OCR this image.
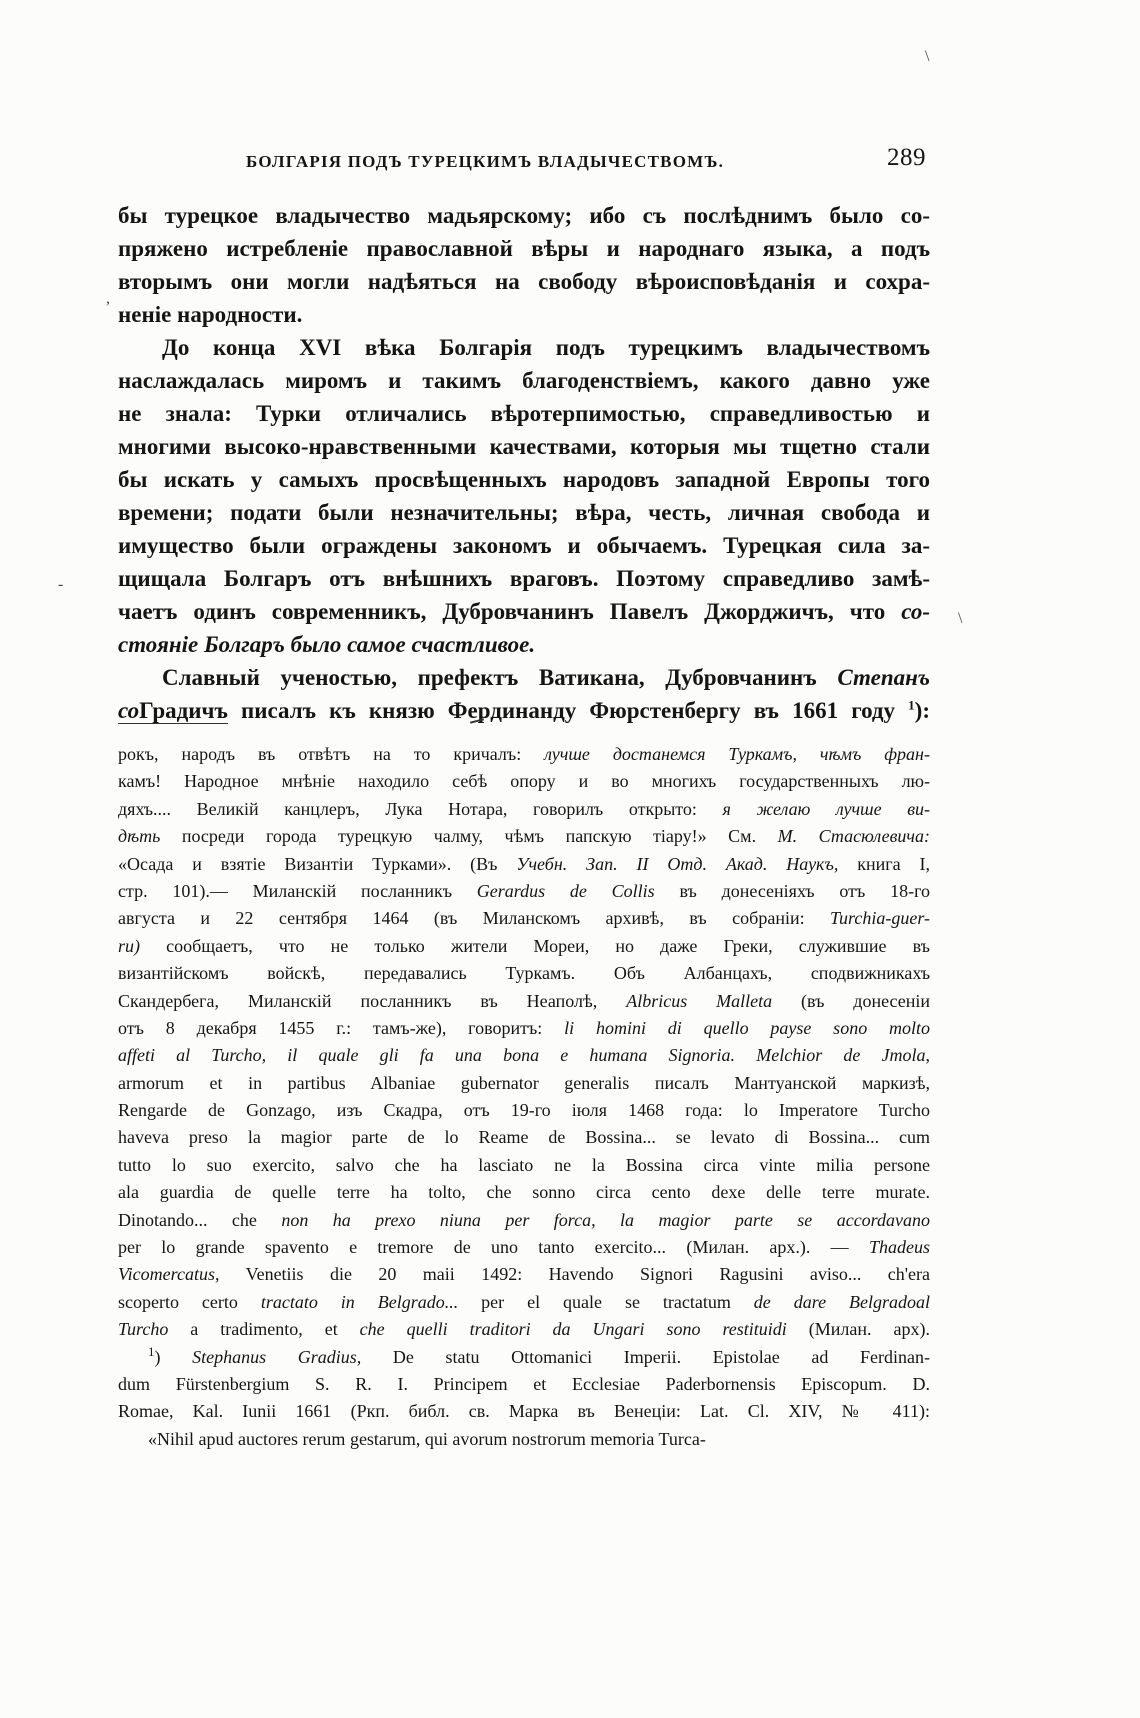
БОЛГАРІЯ ПОДЪ ТУРЕЦКИМЪ ВЛАДЫЧЕСТВОМЪ.	289
бы турецкое владычество мадьярскому; ибо съ послѣднимъ было со-
пряжено истребленіе православной вѣры и народнаго языка, а подъ
вторымъ они могли надѣяться на свободу вѣроисповѣданія и сохра-
неніе народности.
До конца XVI вѣка Болгарія подъ турецкимъ владычествомъ
наслаждалась миромъ и такимъ благоденствіемъ, какого давно уже
не знала: Турки отличались вѣротерпимостью, справедливостью и
многими высоко-нравственными качествами, которыя мы тщетно стали
бы искать у самыхъ просвѣщенныхъ народовъ западной Европы того
времени; подати были незначительны; вѣра, честь, личная свобода и
имущество были ограждены закономъ и обычаемъ. Турецкая сила за-
щищала Болгаръ отъ внѣшнихъ враговъ. Поэтому справедливо замѣ-
чаетъ одинъ современникъ, Дубровчанинъ Павелъ Джорджичъ, что со-
стояніе Болгаръ было самое счастливое.
Славный ученостью, префектъ Ватикана, Дубровчанинъ Степанъ
соГрадичъ писалъ къ князю Фердинанду Фюрстенбергу въ 1661 году $^1$):
рокъ, народъ въ отвѣтъ на то кричалъ: лучше достанемся Туркамъ, чѣмъ фран-
камъ! Народное мнѣніе находило себѣ опору и во многихъ государственныхъ лю-
дяхъ.... Великій канцлеръ, Лука Нотара, говорилъ открыто: я желаю лучше ви-
дѣть посреди города турецкую чалму, чѣмъ папскую тіару!» См. М. Стасюлевича:
«Осада и взятіе Византіи Турками». (Въ Учебн. Зап. II Отд. Акад. Наукъ, книга I,
стр. 101).— Миланскій посланникъ Gerardus de Collis въ донесеніяхъ отъ 18-го
августа и 22 сентября 1464 (въ Миланскомъ архивѣ, въ собраніи: Turchia-guer-
ru) сообщаетъ, что не только жители Мореи, но даже Греки, служившие въ
византійскомъ войскѣ, передавались Туркамъ. Объ Албанцахъ, сподвижникахъ
Скандербега, Миланскій посланникъ въ Неаполѣ, Albricus Malleta (въ донесеніи
отъ 8 декабря 1455 г.: тамъ-же), говоритъ: li homini di quello payse sono molto
affeti al Turcho, il quale gli fa una bona e humana Signoria. Melchior de Jmola,
armorum et in partibus Albaniae gubernator generalis писалъ Мантуанской маркизѣ,
Rengarde de Gonzago, изъ Скадра, отъ 19-го іюля 1468 года: lo Imperatore Turcho
haveva preso la magior parte de lo Reame de Bossina... se levato di Bossina... cum
tutto lo suo exercito, salvo che ha lasciato ne la Bossina circa vinte milia persone
ala guardia de quelle terre ha tolto, che sonno circa cento dexe delle terre murate.
Dinotando... che non ha prexo niuna per forca, la magior parte se accordavano
per lo grande spavento e tremore de uno tanto exercito... (Милан. арх.). — Thadeus
Vicomercatus, Venetiis die 20 maii 1492: Havendo Signori Ragusini aviso... ch'era
scoperto certo tractato in Belgrado... per el quale se tractatum de dare Belgradoal
Turcho a tradimento, et che quelli traditori da Ungari sono restituidi (Милан. арх).
$^1$) Stephanus Gradius, De statu Ottomanici Imperii. Epistolae ad Ferdinan-
dum Fürstenbergium S. R. I. Principem et Ecclesiae Paderbornensis Episcopum. D.
Romae, Kal. Iunii 1661 (Ркп. библ. св. Марка въ Венеціи: Lat. Cl. XIV, № 411):
«Nihil apud auctores rerum gestarum, qui avorum nostrorum memoria Turca-
,
-
\
\
